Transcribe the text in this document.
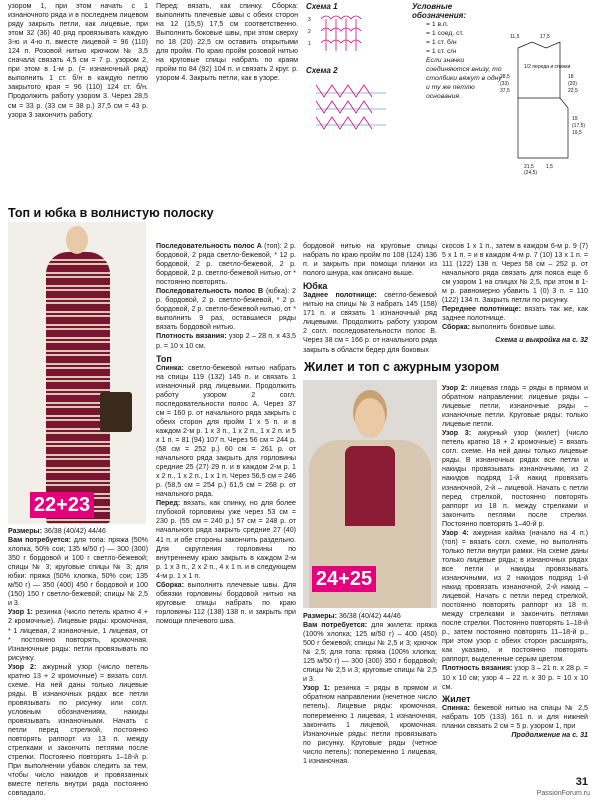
узором 1, при этом начать с 1 изнаночного ряда и в последнем лицевом ряду закрыть петли, как лицевые, при этом 32 (36) 40 ряд провязывать каждую 3-ю и 4-ю п. вместе лицевой = 96 (110) 124 п. Розовой нитью крючком № 3,5 сначала связать 4,5 см = 7 р. узором 2, при этом в 1-м р. (= изнаночный ряд) выполнить 1 ст. б/н в каждую петлю закрытого края = 96 (110) 124 ст. б/н. Продолжить работу узором 3. Через 28,5 см = 33 р. (33 см = 38 р.) 37,5 см = 43 р. узора 3 закончить работу.

Перед: вязать, как спинку. Сборка: выполнить плечевые швы с обеих сторон на 12 (15,5) 17,5 см соответственно. Выполнить боковые швы, при этом сверху по 18 (20) 22,5 см оставить открытыми для пройм. По краю пройм розовой нитью на круговые спицы набрать по краям пройм по 84 (92) 104 п. и связать 2 круг. р. узором 4. Закрыть петли, как в узоре.

Схема 1
3
2
1
Схема 2
Условные обозначения:
= 1 в.п.
= 1 соед. ст.
= 1 ст. б/н
= 1 ст. с/н
Если значки соединяются внизу, то столбики вяжут в одну и ту же петлю основания.
11,5	17,5
28,5
(33)
37,5
18
(20)
22,5
19
(17,5)
19,5
21,5
(24,5)
1,5
1/2 переда и спинки
Топ и юбка в волнистую полоску
22+23

Размеры: 36/38 (40/42) 44/46

Вам потребуется: для топа: пряжа (50% хлопка, 50% сои; 135 м/50 г) — 300 (300) 350 г бордовой и 100 г светло-бежевой; спицы № 3; круговые спицы № 3; для юбки: пряжа (50% хлопка, 50% сои; 135 м/50 г) — 350 (400) 450 г бордовой и 100 (150) 150 г светло-бежевой; спицы № 2,5 и 3.

Узор 1: резинка (число петель кратно 4 + 2 кромочные). Лицевые ряды: кромочная, * 1 лицевая, 2 изнаночные, 1 лицевая, от * постоянно повторять, кромочная. Изнаночные ряды: петли провязывать по рисунку.

Узор 2: ажурный узор (число петель кратно 13 + 2 кромочные) = вязать согл. схеме. На ней даны только лицевые ряды. В изнаночных рядах все петли провязывать по рисунку или согл. условным обозначениям, накиды провязывать изнаночными. Начать с петли перед стрелкой, постоянно повторять раппорт из 13 п. между стрелками и закончить петлями после стрелки. Постоянно повторять 1–18-й р. При выполнении убавок следить за тем, чтобы число накидов и провязанных вместе петель внутри ряда постоянно совпадало.

Последовательность полос А (топ): 2 р. бордовой, 2 ряда светло-бежевой, * 12 р. бордовой, 2 р. светло-бежевой, 2 р. бордовой, 2 р. светло-бежевой нитью, от * постоянно повторять.

Последовательность полос В (юбка): 2 р. бордовой, 2 р. светло-бежевой, * 2 р. бордовой, 2 р. светло-бежевой нитью, от * выполнить 9 раз, оставшиеся ряды вязать бордовой нитью.

Плотность вязания: узор 2 – 28 п. х 43,5 р. = 10 х 10 см.

Топ

Спинка: светло-бежевой нитью набрать на спицы 119 (132) 145 п. и связать 1 изнаночный ряд лицевыми. Продолжить работу узором 2 согл. последовательности полос А. Через 37 см = 160 р. от начального ряда закрыть с обеих сторон для пройм 1 х 5 п. и в каждом 2-м р. 1 х 3 п., 1 х 2 п., 1 х 2 п. и 5 х 1 п. = 81 (94) 107 п. Через 56 см = 244 р. (58 см = 252 р.) 60 см = 261 р. от начального ряда закрыть для горловины средние 25 (27) 29 п. и в каждом 2-м р. 1 х 2 п., 1 х 2 п., 1 х 1 п. Через 56,5 см = 246 р. (58,5 см = 254 р.) 61,5 см = 268 р. от начального ряда.

Перед: вязать, как спинку, но для более глубокой горловины уже через 53 см = 230 р. (55 см = 240 р.) 57 см = 248 р. от начального ряда закрыть средние 27 (40) 41 п. и обе стороны закончить раздельно. Для скругления горловины по внутреннему краю закрыть в каждом 2-м р. 1 х 3 п., 2 х 2 п., 4 х 1 п. и в следующем 4-м р. 1 х 1 п.

Сборка: выполнить плечевые швы. Для обвязки горловины бордовой нитью на круговые спицы набрать по краю горловины 112 (138) 138 п. и закрыть при помощи плечевого шва.

бордовой нитью на круговые спицы набрать по краю пройм по 108 (124) 136 п. и закрыть при помощи планки из полого шнура, как описано выше.

Юбка

Заднее полотнище: светло-бежевой нитью на спицы № 3 набрать 145 (158) 171 п. и связать 1 изнаночный ряд лицевыми. Продолжить работу узором 2 согл. последовательности полос В. Через 38 см = 166 р. от начального ряда закрыть в области бедер для боковых

скосов 1 х 1 п., затем в каждом 6-м р. 9 (7) 5 х 1 п. = и в каждом 4-м р. 7 (10) 13 х 1 п. = 111 (122) 138 п. Через 58 см – 252 р. от начального ряда связать для пояса еще 6 см узором 1 на спицах № 2,5, при этом в 1-м р. равномерно убавить 1 (0) 3 п. = 110 (122) 134 п. Закрыть петли по рисунку.

Переднее полотнище: вязать так же, как заднее полотнище.

Сборка: выполнить боковые швы.

Схема и выкройка на с. 32

Жилет и топ с ажурным узором
24+25

Размеры: 36/38 (40/42) 44/46

Вам потребуется: для жилета: пряжа (100% хлопка; 125 м/50 г) – 400 (450) 500 г бежевой; спицы № 2,5 и 3; крючок № 2,5; для топа: пряжа (100% хлопка; 125 м/50 г) — 300 (300) 350 г бордовой; спицы № 2,5 и 3; круговые спицы № 2,5 и 3.

Узор 1: резинка = ряды в прямом и обратном направлении (нечетное число петель). Лицевые ряды: кромочная, попеременно 1 лицевая, 1 изнаночная, закончить 1 лицевой, кромочная. Изнаночные ряды: петли провязывать по рисунку. Круговые ряды (четное число петель): попеременно 1 лицевая, 1 изнаночная.

Узор 2: лицевая гладь = ряды в прямом и обратном направлении: лицевые ряды – лицевые петли, изнаночные ряды – изнаночные петли. Круговые ряды: только лицевые петли.

Узор 3: ажурный узор (жилет) (число петель кратно 18 + 2 кромочные) = вязать согл. схеме. На ней даны только лицевые ряды. В изнаночных рядах все петли и накиды провязывать изнаночными, из 2 накидов подряд 1-й накид провязать изнаночной, 2-й – лицевой. Начать с петли перед стрелкой, постоянно повторять раппорт из 18 п. между стрелками и закончить петлями после стрелки. Постоянно повторять 1–40-й р.

Узор 4: ажурная кайма (начало на 4 п.) (топ) = вязать согл. схеме, но выполнять только петли внутри рамки. На схеме даны только лицевые ряды; в изнаночных рядах все петли и накиды провязывать изнаночными, из 2 накидов подряд 1-й накид провязать изнаночной, 2-й накид – лицевой. Начать с петли перед стрелкой, постоянно повторять раппорт из 18 п. между стрелками и закончить петлями после стрелки. Постоянно повторять 1–18-й р., затем постоянно повторять 11–18-й р., при этом узор с обеих сторон расширять, как указано, и постоянно повторять раппорт, выделенные серым цветом.

Плотность вязания: узор 3 – 21 п. х 28 р. = 10 х 10 см; узор 4 – 22 п. х 30 р. = 10 х 10 см.

Жилет

Спинка: бежевой нитью на спицы № 2,5 набрать 105 (133) 161 п. и для нижней планки связать 2 см = 5 р. узором 1, при

Продолжение на с. 31

31
PassionForum.ru
